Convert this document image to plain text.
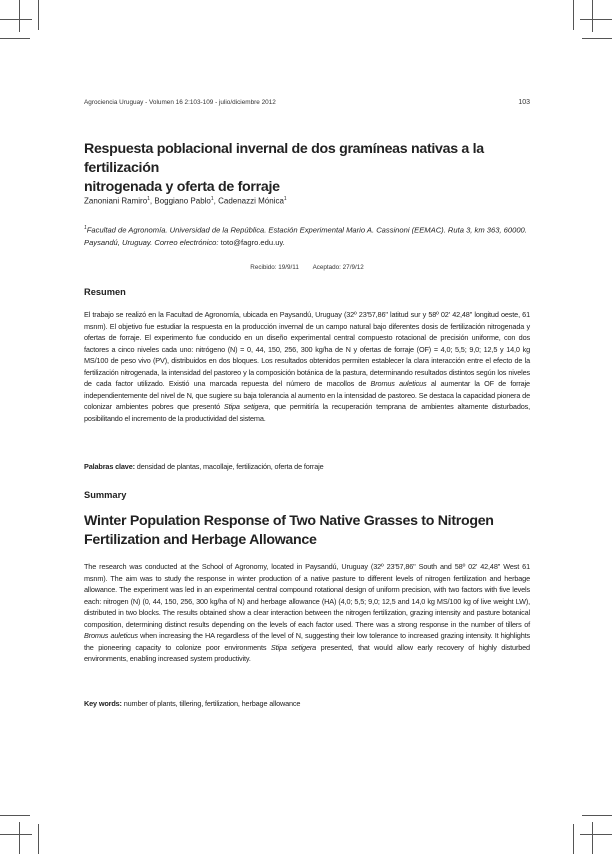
Agrociencia Uruguay - Volumen 16 2:103-109 - julio/diciembre 2012	103
Respuesta poblacional invernal de dos gramíneas nativas a la fertilización
nitrogenada y oferta de forraje
Zanoniani Ramiro$^1$, Boggiano Pablo$^1$, Cadenazzi Mónica$^1$
$^1$Facultad de Agronomía. Universidad de la República. Estación Experimental Mario A. Cassinoni (EEMAC). Ruta 3, km 363, 60000. Paysandú, Uruguay. Correo electrónico: toto@fagro.edu.uy.
Recibido: 19/9/11 Aceptado: 27/9/12
Resumen
El trabajo se realizó en la Facultad de Agronomía, ubicada en Paysandú, Uruguay (32º 23'57,86" latitud sur y 58º 02' 42,48" longitud oeste, 61 msnm). El objetivo fue estudiar la respuesta en la producción invernal de un campo natural bajo diferentes dosis de fertilización nitrogenada y ofertas de forraje. El experimento fue conducido en un diseño experimental central compuesto rotacional de precisión uniforme, con dos factores a cinco niveles cada uno: nitrógeno (N) = 0, 44, 150, 256, 300 kg/ha de N y ofertas de forraje (OF) = 4,0; 5,5; 9,0; 12,5 y 14,0 kg MS/100 de peso vivo (PV), distribuidos en dos bloques. Los resultados obtenidos permiten establecer la clara interacción entre el efecto de la fertilización nitrogenada, la intensidad del pastoreo y la composición botánica de la pastura, determinando resultados distintos según los niveles de cada factor utilizado. Existió una marcada repuesta del número de macollos de Bromus auleticus al aumentar la OF de forraje independientemente del nivel de N, que sugiere su baja tolerancia al aumento en la intensidad de pastoreo. Se destaca la capacidad pionera de colonizar ambientes pobres que presentó Stipa setigera, que permitiría la recuperación temprana de ambientes altamente disturbados, posibilitando el incremento de la productividad del sistema.
Palabras clave: densidad de plantas, macollaje, fertilización, oferta de forraje
Summary
Winter Population Response of Two Native Grasses to Nitrogen
Fertilization and Herbage Allowance
The research was conducted at the School of Agronomy, located in Paysandú, Uruguay (32º 23'57,86" South and 58º 02' 42,48" West 61 msnm). The aim was to study the response in winter production of a native pasture to different levels of nitrogen fertilization and herbage allowance. The experiment was led in an experimental central compound rotational design of uniform precision, with two factors with five levels each: nitrogen (N) (0, 44, 150, 256, 300 kg/ha of N) and herbage allowance (HA) (4,0; 5,5; 9,0; 12,5 and 14,0 kg MS/100 kg of live weight LW), distributed in two blocks. The results obtained show a clear interaction between the nitrogen fertilization, grazing intensity and pasture botanical composition, determining distinct results depending on the levels of each factor used. There was a strong response in the number of tillers of Bromus auleticus when increasing the HA regardless of the level of N, suggesting their low tolerance to increased grazing intensity. It highlights the pioneering capacity to colonize poor environments Stipa setigera presented, that would allow early recovery of highly disturbed environments, enabling increased system productivity.
Key words: number of plants, tillering, fertilization, herbage allowance
